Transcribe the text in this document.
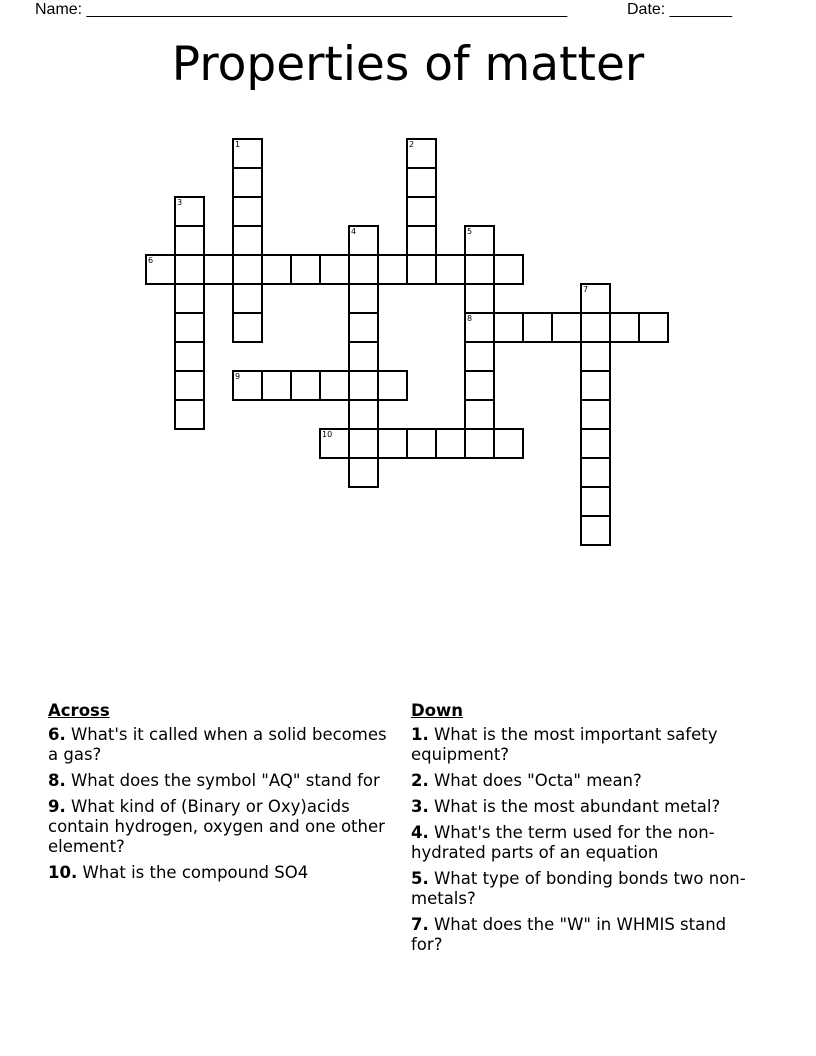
Name: ______________________________________________________	Date: _______
Properties of matter
1	2
3
4	5
8
6
7
9
10
Across
6. What's it called when a solid becomes a gas?
8. What does the symbol "AQ" stand for
9. What kind of (Binary or Oxy)acids contain hydrogen, oxygen and one other element?
10. What is the compound SO4
Down
1. What is the most important safety equipment?
2. What does "Octa" mean?
3. What is the most abundant metal?
4. What's the term used for the non-hydrated parts of an equation
5. What type of bonding bonds two non-metals?
7. What does the "W" in WHMIS stand for?
